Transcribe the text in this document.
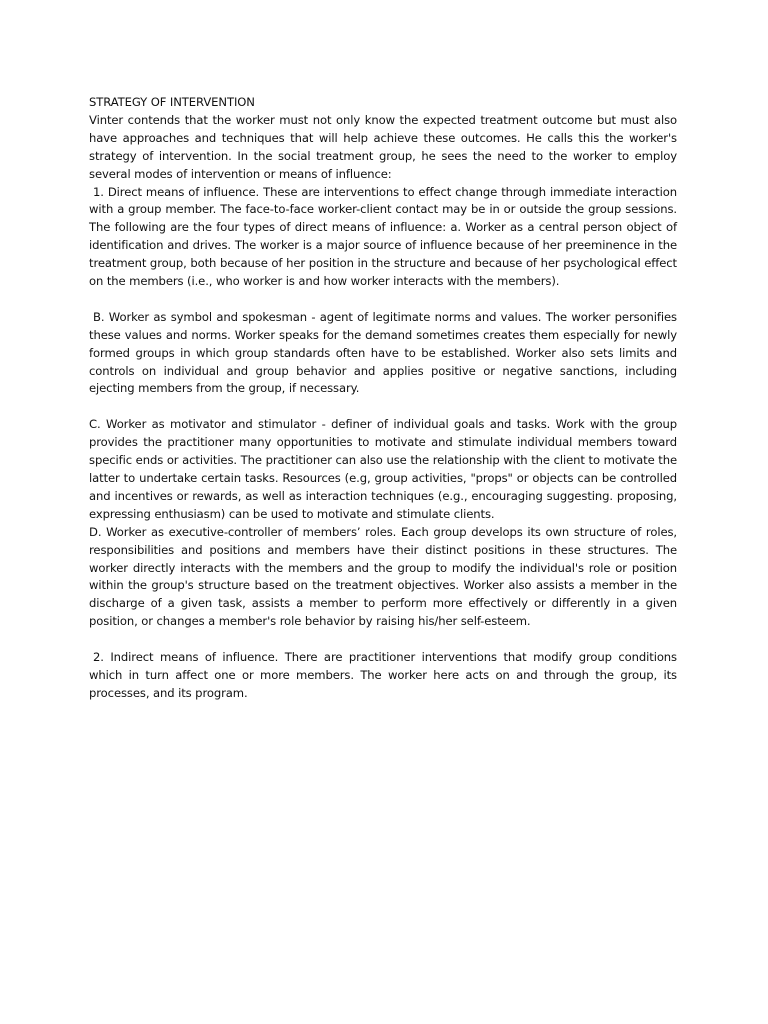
STRATEGY OF INTERVENTION

Vinter contends that the worker must not only know the expected treatment outcome but must also have approaches and techniques that will help achieve these outcomes. He calls this the worker's strategy of intervention. In the social treatment group, he sees the need to the worker to employ several modes of intervention or means of influence:

1. Direct means of influence. These are interventions to effect change through immediate interaction with a group member. The face-to-face worker-client contact may be in or outside the group sessions. The following are the four types of direct means of influence: a. Worker as a central person object of identification and drives. The worker is a major source of influence because of her preeminence in the treatment group, both because of her position in the structure and because of her psychological effect on the members (i.e., who worker is and how worker interacts with the members).

B. Worker as symbol and spokesman - agent of legitimate norms and values. The worker personifies these values and norms. Worker speaks for the demand sometimes creates them especially for newly formed groups in which group standards often have to be established. Worker also sets limits and controls on individual and group behavior and applies positive or negative sanctions, including ejecting members from the group, if necessary.

C. Worker as motivator and stimulator - definer of individual goals and tasks. Work with the group provides the practitioner many opportunities to motivate and stimulate individual members toward specific ends or activities. The practitioner can also use the relationship with the client to motivate the latter to undertake certain tasks. Resources (e.g, group activities, "props" or objects can be controlled and incentives or rewards, as well as interaction techniques (e.g., encouraging suggesting. proposing, expressing enthusiasm) can be used to motivate and stimulate clients.

D. Worker as executive-controller of members’ roles. Each group develops its own structure of roles, responsibilities and positions and members have their distinct positions in these structures. The worker directly interacts with the members and the group to modify the individual's role or position within the group's structure based on the treatment objectives. Worker also assists a member in the discharge of a given task, assists a member to perform more effectively or differently in a given position, or changes a member's role behavior by raising his/her self-esteem.

2. Indirect means of influence. There are practitioner interventions that modify group conditions which in turn affect one or more members. The worker here acts on and through the group, its processes, and its program.
